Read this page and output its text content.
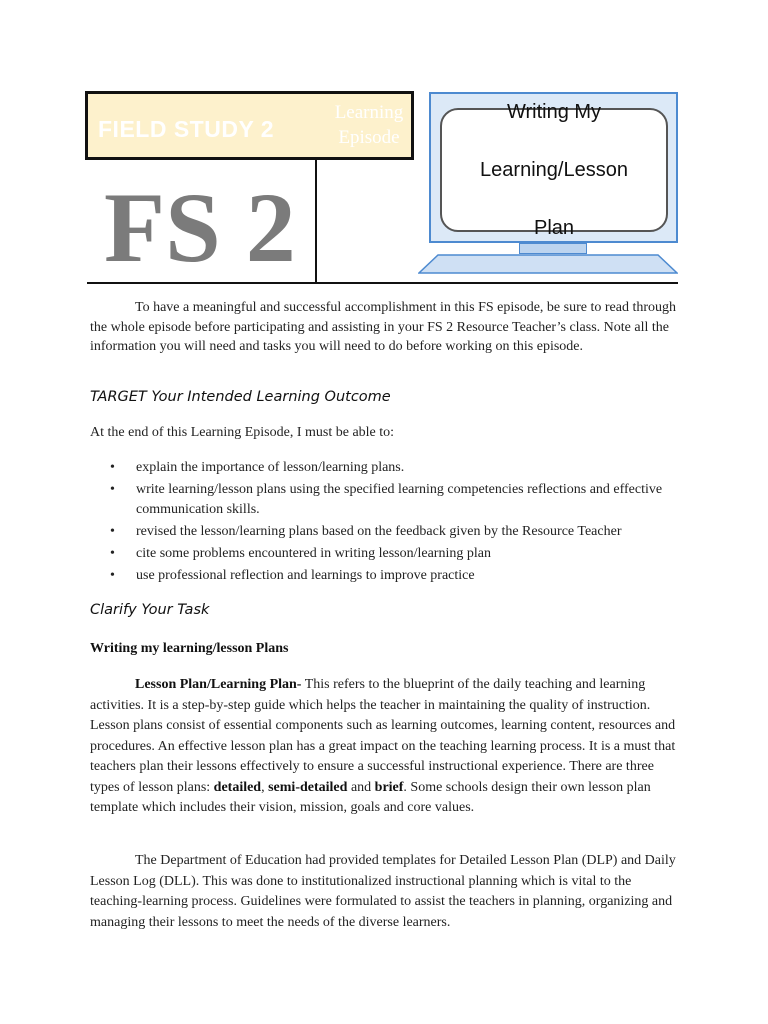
FIELD STUDY 2
Learning
Episode
FS 2
Writing My

Learning/Lesson

Plan

To have a meaningful and successful accomplishment in this FS episode, be sure to read through the whole episode before participating and assisting in your FS 2 Resource Teacher’s class. Note all the information you will need and tasks you will need to do before working on this episode.

TARGET Your Intended Learning Outcome
At the end of this Learning Episode, I must be able to:
• explain the importance of lesson/learning plans.
• write learning/lesson plans using the specified learning competencies reflections and effective communication skills.
• revised the lesson/learning plans based on the feedback given by the Resource Teacher
• cite some problems encountered in writing lesson/learning plan
• use professional reflection and learnings to improve practice
Clarify Your Task
Writing my learning/lesson Plans

Lesson Plan/Learning Plan- This refers to the blueprint of the daily teaching and learning activities. It is a step-by-step guide which helps the teacher in maintaining the quality of instruction. Lesson plans consist of essential components such as learning outcomes, learning content, resources and procedures. An effective lesson plan has a great impact on the teaching learning process. It is a must that teachers plan their lessons effectively to ensure a successful instructional experience. There are three types of lesson plans: detailed, semi-detailed and brief. Some schools design their own lesson plan template which includes their vision, mission, goals and core values.

The Department of Education had provided templates for Detailed Lesson Plan (DLP) and Daily Lesson Log (DLL). This was done to institutionalized instructional planning which is vital to the teaching-learning process. Guidelines were formulated to assist the teachers in planning, organizing and managing their lessons to meet the needs of the diverse learners.
